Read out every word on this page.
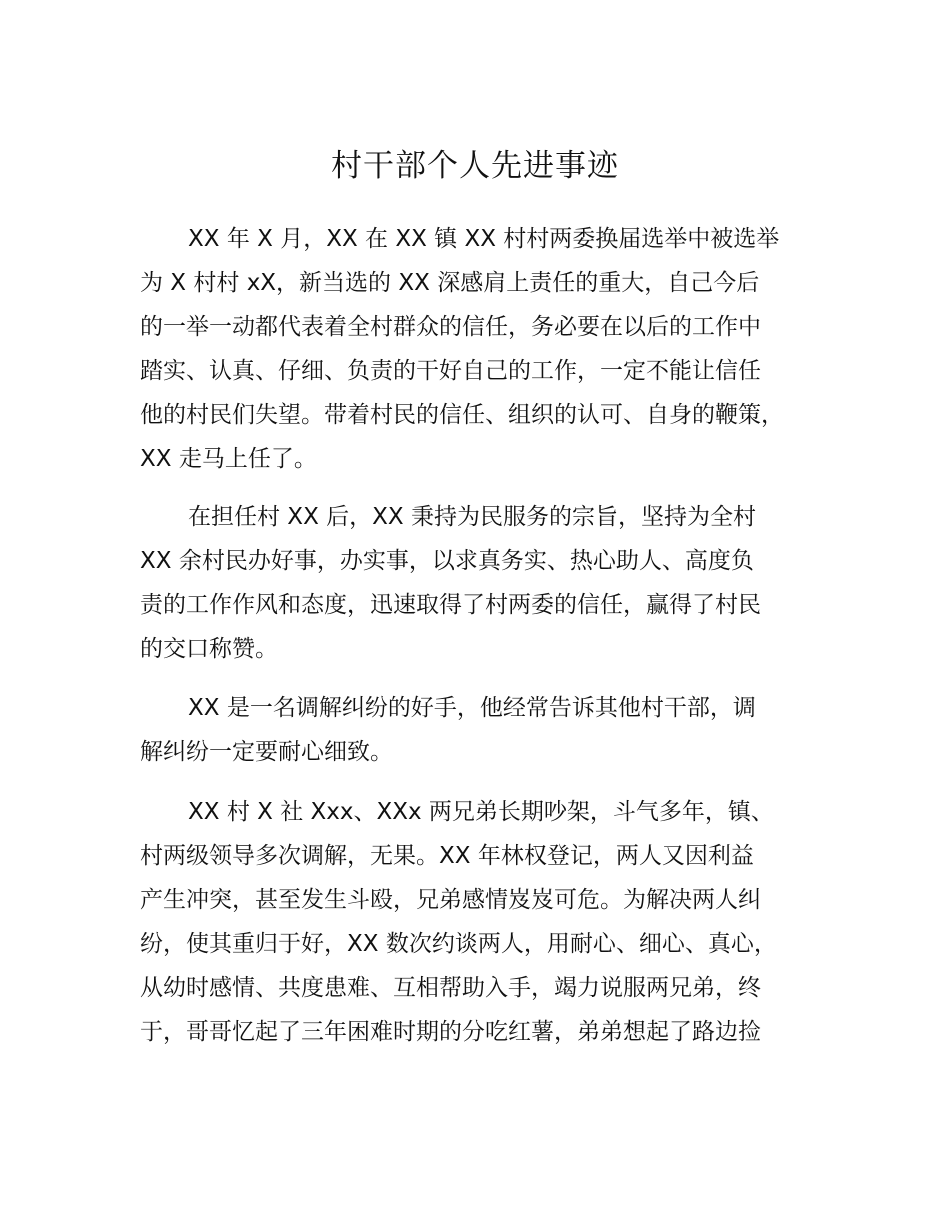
村干部个人先进事迹
XX 年 X 月，XX 在 XX 镇 XX 村村两委换届选举中被选举
为 X 村村 xX，新当选的 XX 深感肩上责任的重大，自己今后
的一举一动都代表着全村群众的信任，务必要在以后的工作中
踏实、认真、仔细、负责的干好自己的工作，一定不能让信任
他的村民们失望。带着村民的信任、组织的认可、自身的鞭策，
XX 走马上任了。
在担任村 XX 后，XX 秉持为民服务的宗旨，坚持为全村
XX 余村民办好事，办实事，以求真务实、热心助人、高度负
责的工作作风和态度，迅速取得了村两委的信任，赢得了村民
的交口称赞。
XX 是一名调解纠纷的好手，他经常告诉其他村干部，调
解纠纷一定要耐心细致。
XX 村 X 社 Xxx、XXx 两兄弟长期吵架，斗气多年，镇、
村两级领导多次调解，无果。XX 年林权登记，两人又因利益
产生冲突，甚至发生斗殴，兄弟感情岌岌可危。为解决两人纠
纷，使其重归于好，XX 数次约谈两人，用耐心、细心、真心，
从幼时感情、共度患难、互相帮助入手，竭力说服两兄弟，终
于，哥哥忆起了三年困难时期的分吃红薯，弟弟想起了路边捡
